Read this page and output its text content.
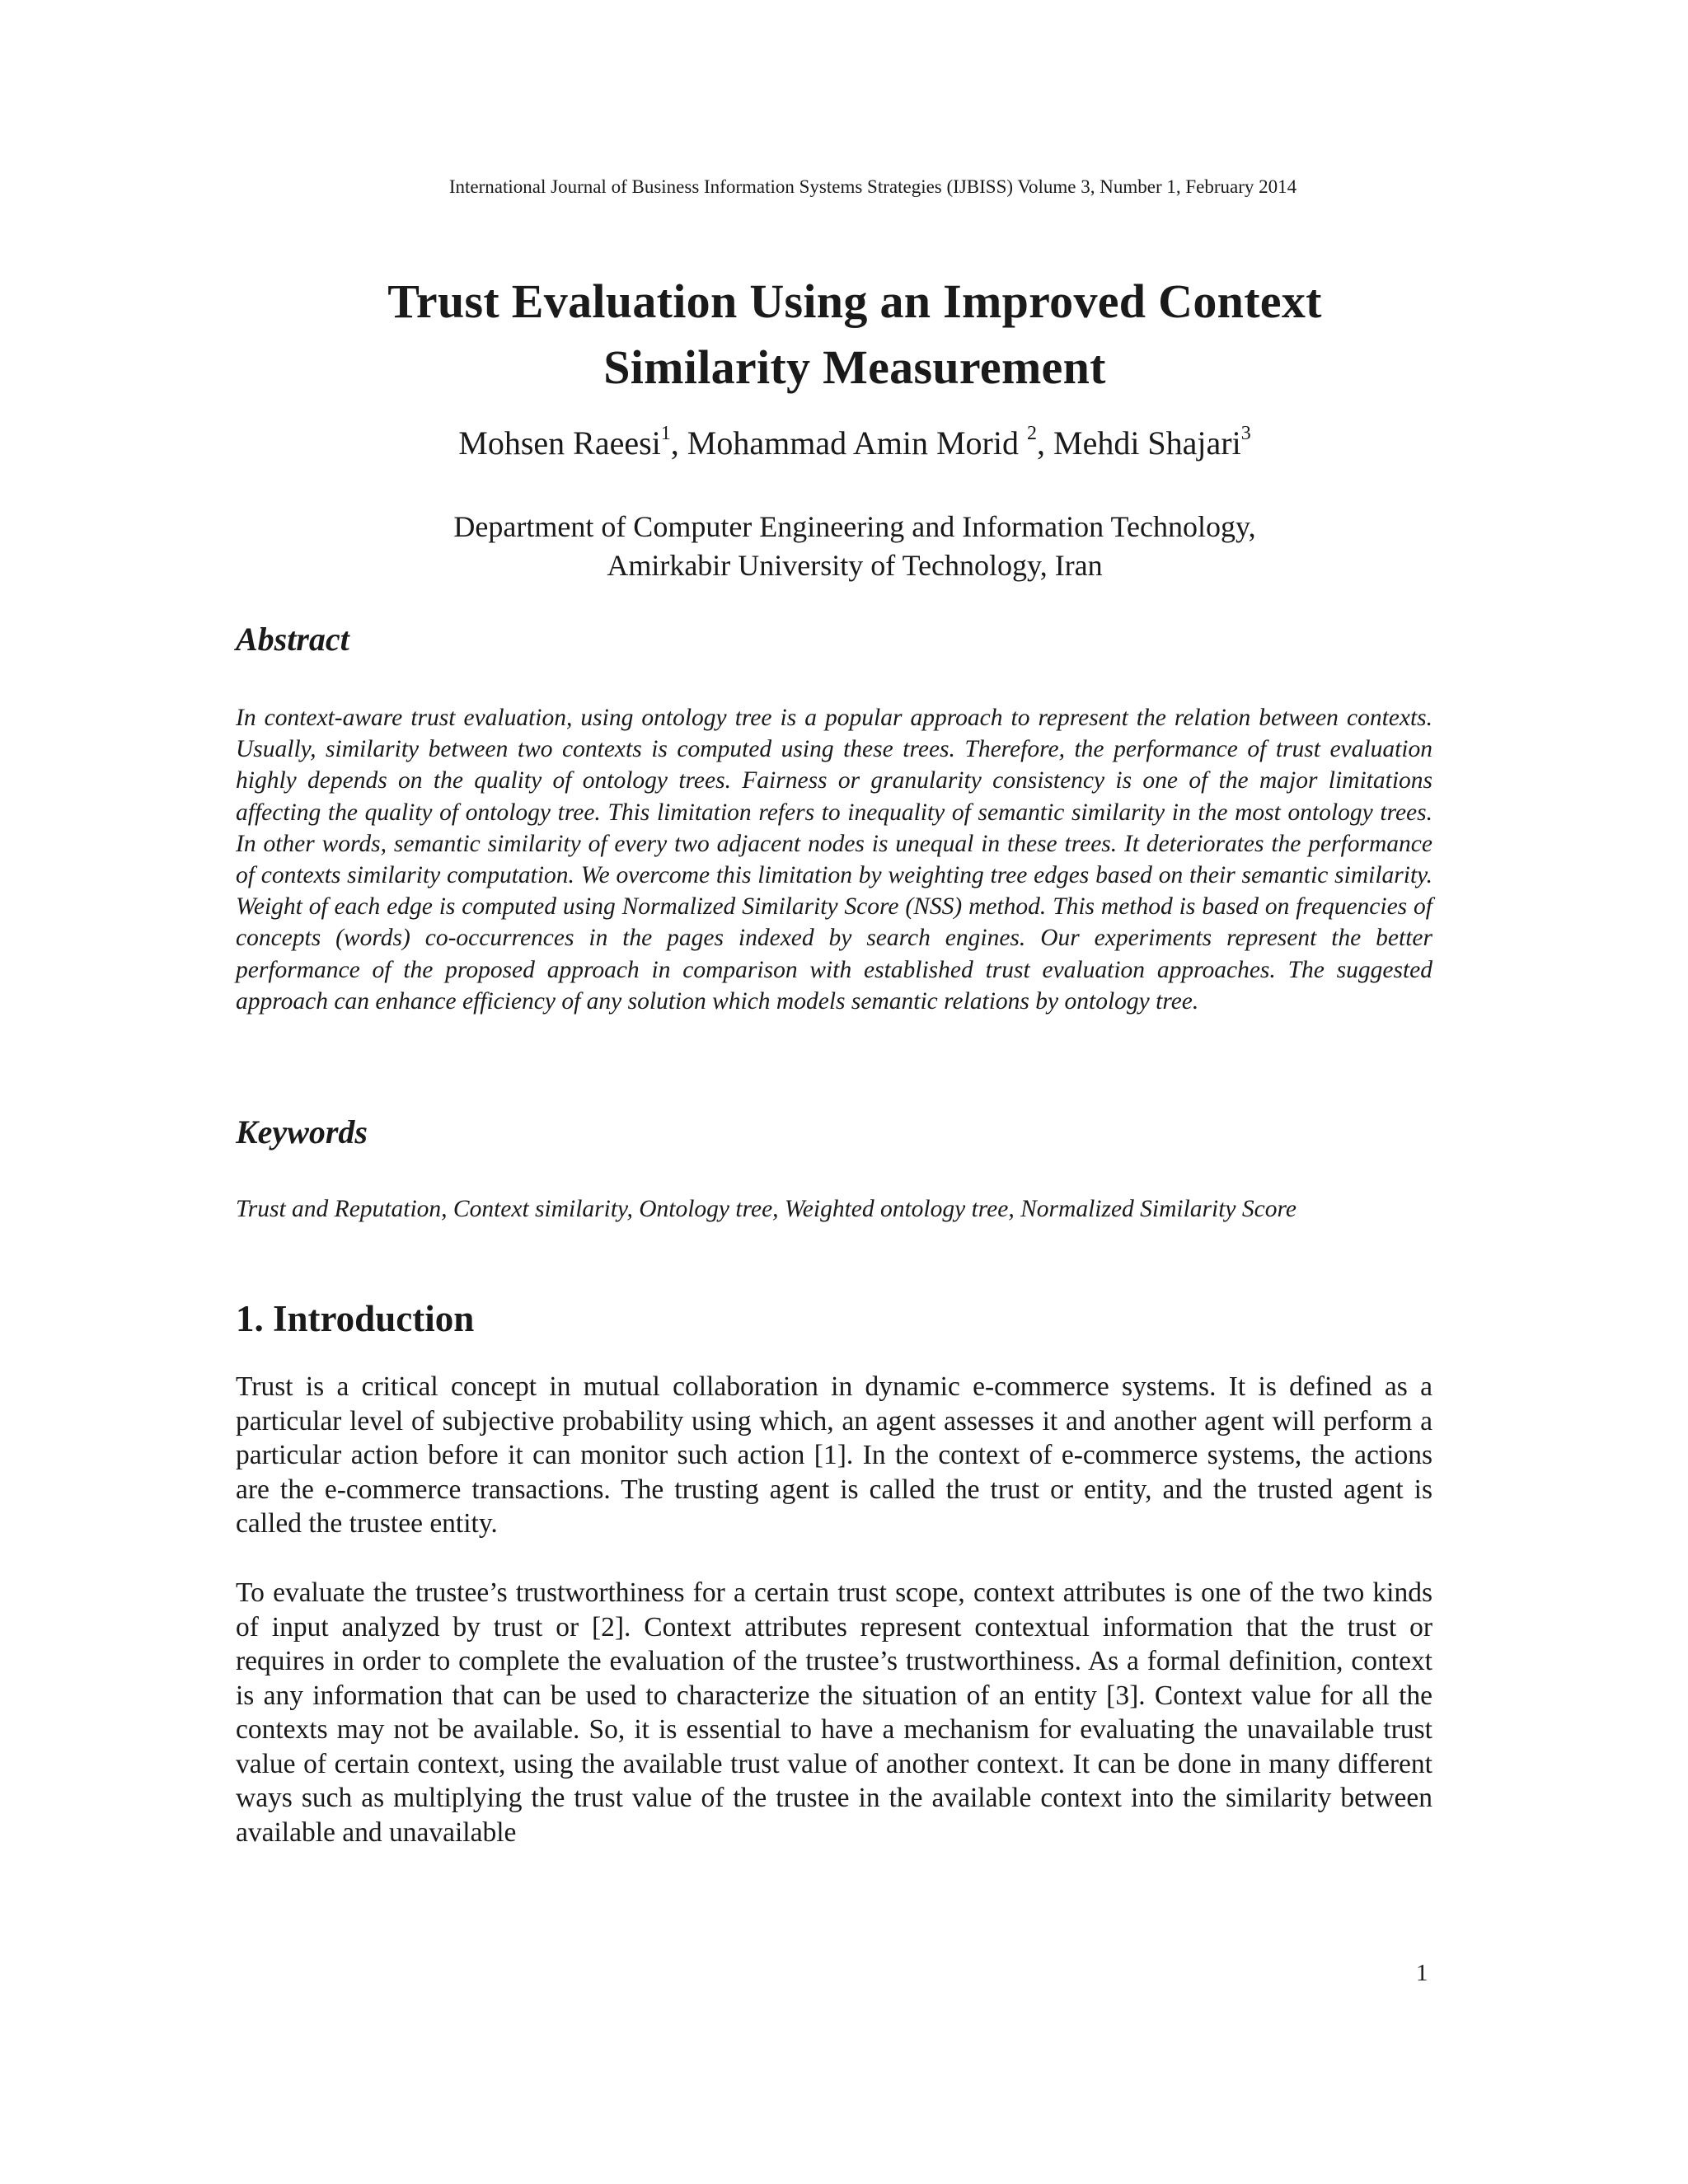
International Journal of Business Information Systems Strategies (IJBISS) Volume 3, Number 1, February 2014
Trust Evaluation Using an Improved Context
Similarity Measurement
Mohsen Raeesi$^1$, Mohammad Amin Morid $^2$, Mehdi Shajari$^3$
Department of Computer Engineering and Information Technology,
Amirkabir University of Technology, Iran
Abstract
In context-aware trust evaluation, using ontology tree is a popular approach to represent the relation between contexts. Usually, similarity between two contexts is computed using these trees. Therefore, the performance of trust evaluation highly depends on the quality of ontology trees. Fairness or granularity consistency is one of the major limitations affecting the quality of ontology tree. This limitation refers to inequality of semantic similarity in the most ontology trees. In other words, semantic similarity of every two adjacent nodes is unequal in these trees. It deteriorates the performance of contexts similarity computation. We overcome this limitation by weighting tree edges based on their semantic similarity. Weight of each edge is computed using Normalized Similarity Score (NSS) method. This method is based on frequencies of concepts (words) co-occurrences in the pages indexed by search engines. Our experiments represent the better performance of the proposed approach in comparison with established trust evaluation approaches. The suggested approach can enhance efficiency of any solution which models semantic relations by ontology tree.
Keywords
Trust and Reputation, Context similarity, Ontology tree, Weighted ontology tree, Normalized Similarity Score
1. Introduction
Trust is a critical concept in mutual collaboration in dynamic e-commerce systems. It is defined as a particular level of subjective probability using which, an agent assesses it and another agent will perform a particular action before it can monitor such action [1]. In the context of e-commerce systems, the actions are the e-commerce transactions. The trusting agent is called the trust or entity, and the trusted agent is called the trustee entity.
To evaluate the trustee’s trustworthiness for a certain trust scope, context attributes is one of the two kinds of input analyzed by trust or [2]. Context attributes represent contextual information that the trust or requires in order to complete the evaluation of the trustee’s trustworthiness. As a formal definition, context is any information that can be used to characterize the situation of an entity [3]. Context value for all the contexts may not be available. So, it is essential to have a mechanism for evaluating the unavailable trust value of certain context, using the available trust value of another context. It can be done in many different ways such as multiplying the trust value of the trustee in the available context into the similarity between available and unavailable
1
